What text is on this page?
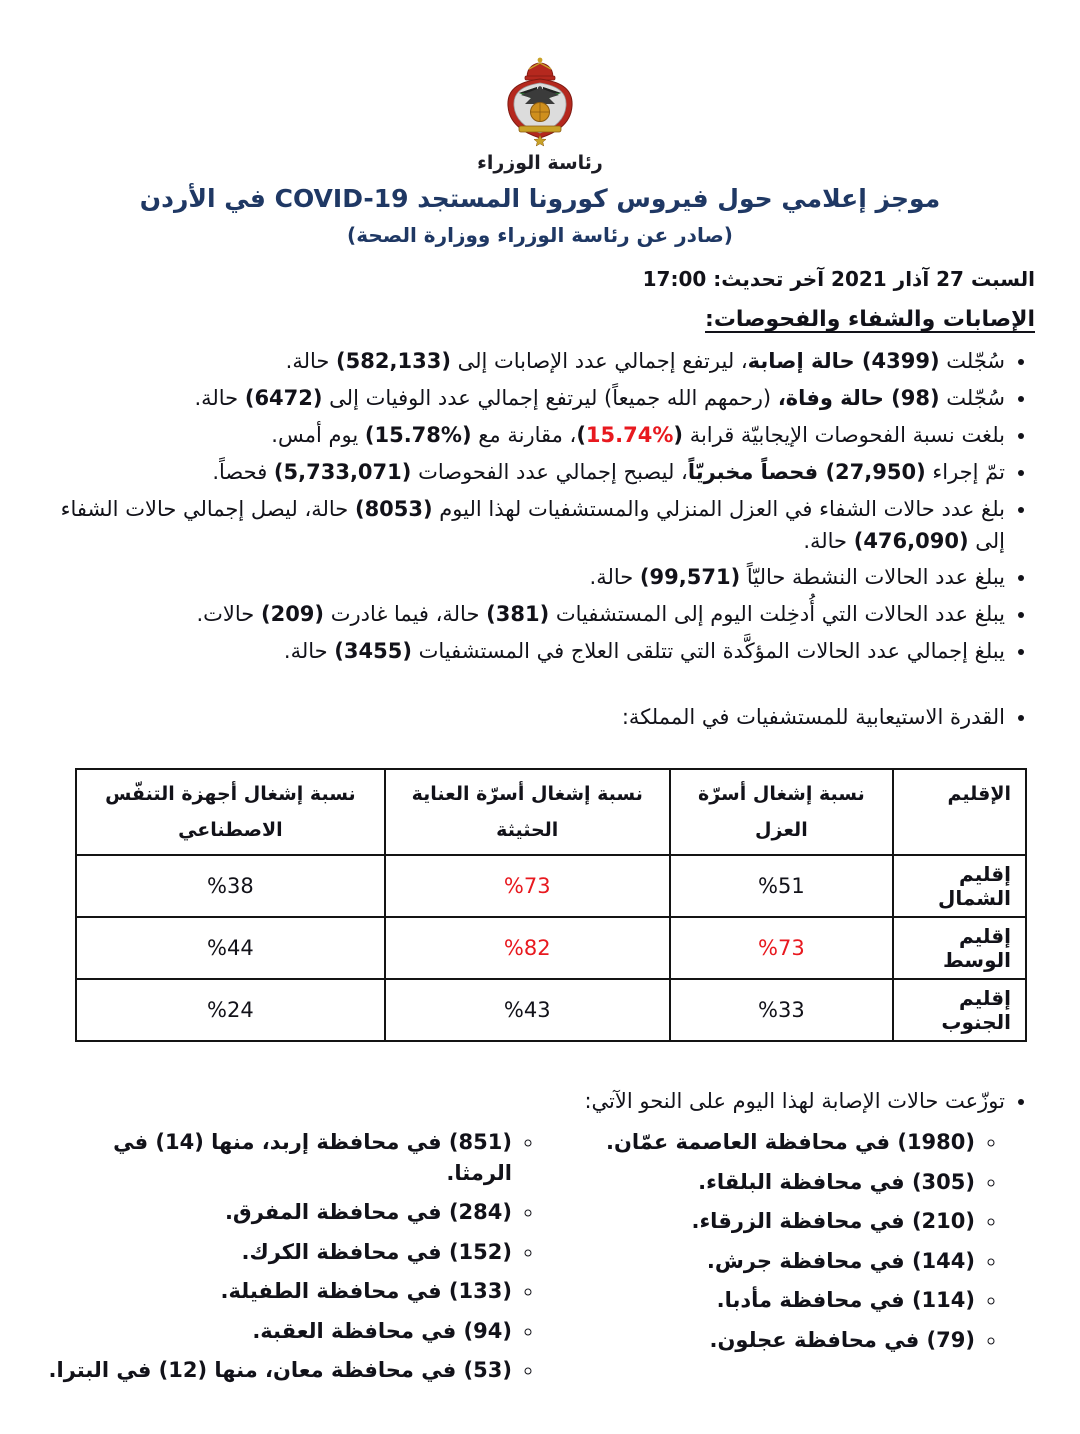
رئاسة الوزراء
موجز إعلامي حول فيروس كورونا المستجد COVID-19 في الأردن
(صادر عن رئاسة الوزراء ووزارة الصحة)
السبت 27 آذار 2021 آخر تحديث: 17:00
الإصابات والشفاء والفحوصات:
• سُجّلت (4399) حالة إصابة، ليرتفع إجمالي عدد الإصابات إلى (582,133) حالة.
• سُجّلت (98) حالة وفاة، (رحمهم الله جميعاً) ليرتفع إجمالي عدد الوفيات إلى (6472) حالة.
• بلغت نسبة الفحوصات الإيجابيّة قرابة (%15.74)، مقارنة مع (%15.78) يوم أمس.
• تمّ إجراء (27,950) فحصاً مخبريّاً، ليصبح إجمالي عدد الفحوصات (5,733,071) فحصاً.
• بلغ عدد حالات الشفاء في العزل المنزلي والمستشفيات لهذا اليوم (8053) حالة، ليصل إجمالي حالات الشفاء إلى (476,090) حالة.
• يبلغ عدد الحالات النشطة حاليّاً (99,571) حالة.
• يبلغ عدد الحالات التي أُدخِلت اليوم إلى المستشفيات (381) حالة، فيما غادرت (209) حالات.
• يبلغ إجمالي عدد الحالات المؤكَّدة التي تتلقى العلاج في المستشفيات (3455) حالة.
• القدرة الاستيعابية للمستشفيات في المملكة:
الإقليم	نسبة إشغال أسرّة العزل	نسبة إشغال أسرّة العناية الحثيثة	نسبة إشغال أجهزة التنفّس الاصطناعي
إقليم الشمال	%51	%73	%38
إقليم الوسط	%73	%82	%44
إقليم الجنوب	%33	%43	%24
• توزّعت حالات الإصابة لهذا اليوم على النحو الآتي:
◦ (1980) في محافظة العاصمة عمّان.
◦ (305) في محافظة البلقاء.
◦ (210) في محافظة الزرقاء.
◦ (144) في محافظة جرش.
◦ (114) في محافظة مأدبا.
◦ (79) في محافظة عجلون.
◦ (851) في محافظة إربد، منها (14) في الرمثا.
◦ (284) في محافظة المفرق.
◦ (152) في محافظة الكرك.
◦ (133) في محافظة الطفيلة.
◦ (94) في محافظة العقبة.
◦ (53) في محافظة معان، منها (12) في البترا.
